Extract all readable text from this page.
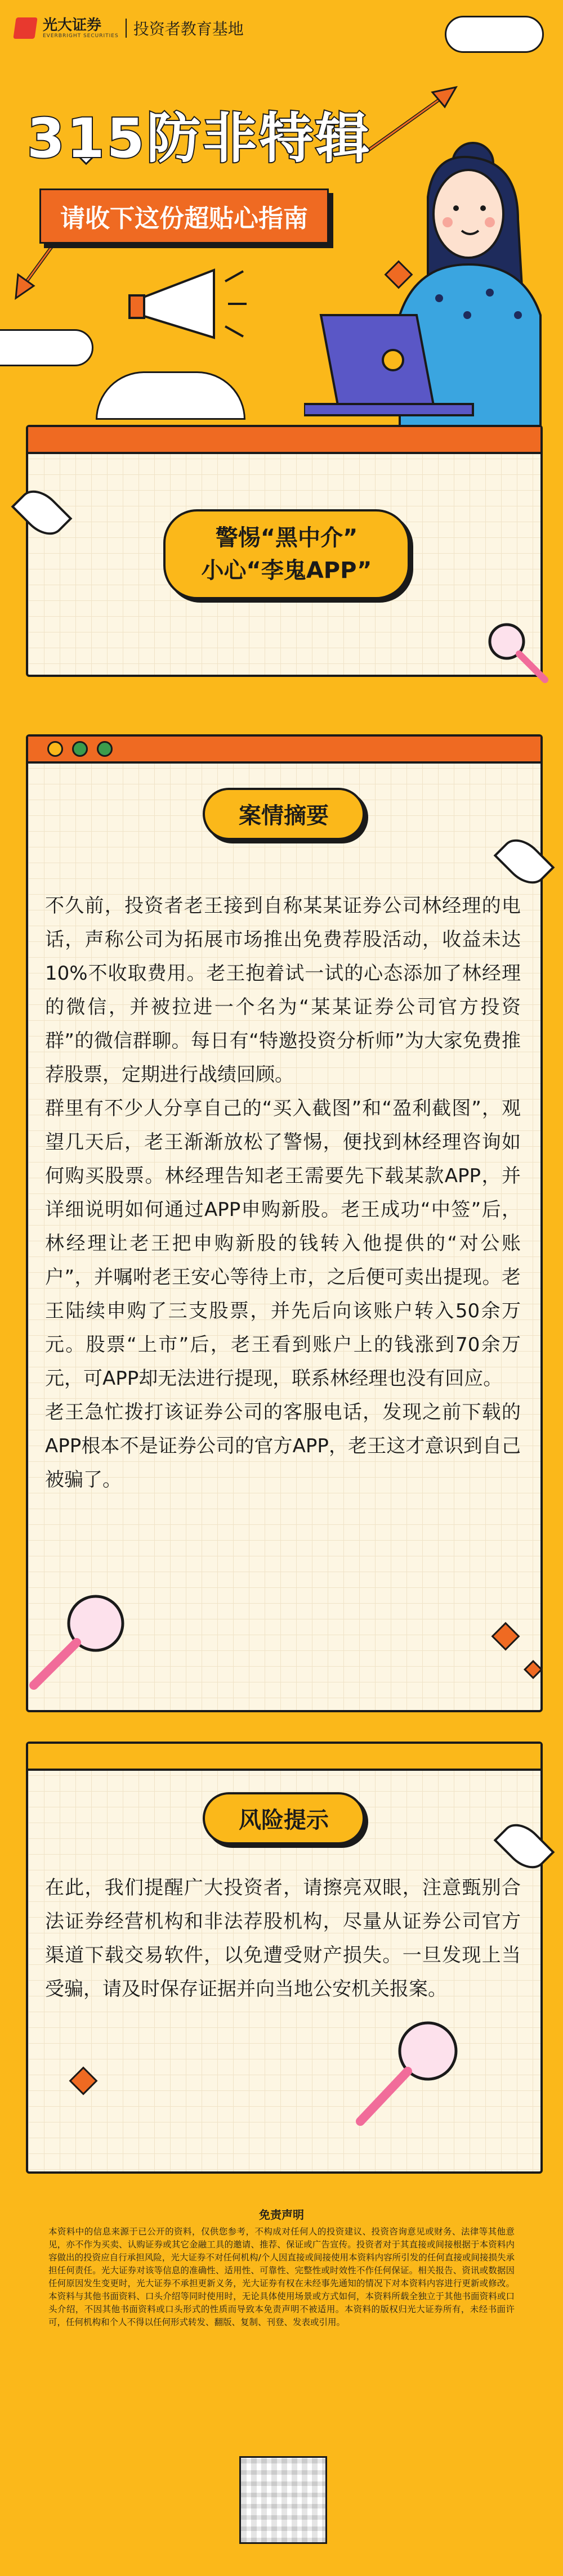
光大证券
EVERBRIGHT SECURITIES 投资者教育基地
315防非特辑
请收下这份超贴心指南
警惕“黑中介”
小心“李鬼APP”
案情摘要
不久前，投资者老王接到自称某某证券公司林经理的电话，声称公司为拓展市场推出免费荐股活动，收益未达10%不收取费用。老王抱着试一试的心态添加了林经理的微信，并被拉进一个名为“某某证券公司官方投资群”的微信群聊。每日有“特邀投资分析师”为大家免费推荐股票，定期进行战绩回顾。
群里有不少人分享自己的“买入截图”和“盈利截图”，观望几天后，老王渐渐放松了警惕，便找到林经理咨询如何购买股票。林经理告知老王需要先下载某款APP，并详细说明如何通过APP申购新股。老王成功“中签”后，林经理让老王把申购新股的钱转入他提供的“对公账户”，并嘱咐老王安心等待上市，之后便可卖出提现。老王陆续申购了三支股票，并先后向该账户转入50余万元。股票“上市”后，老王看到账户上的钱涨到70余万元，可APP却无法进行提现，联系林经理也没有回应。
老王急忙拨打该证券公司的客服电话，发现之前下载的APP根本不是证券公司的官方APP，老王这才意识到自己被骗了。
风险提示
在此，我们提醒广大投资者，请擦亮双眼，注意甄别合法证券经营机构和非法荐股机构，尽量从证券公司官方渠道下载交易软件，以免遭受财产损失。一旦发现上当受骗，请及时保存证据并向当地公安机关报案。
免责声明
本资料中的信息来源于已公开的资料，仅供您参考，不构成对任何人的投资建议、投资咨询意见或财务、法律等其他意见，亦不作为买卖、认购证券或其它金融工具的邀请、推荐、保证或广告宣传。投资者对于其直接或间接根据于本资料内容做出的投资应自行承担风险，光大证券不对任何机构/个人因直接或间接使用本资料内容所引发的任何直接或间接损失承担任何责任。光大证券对该等信息的准确性、适用性、可靠性、完整性或时效性不作任何保证。相关报告、资讯或数据因任何原因发生变更时，光大证券不承担更新义务，光大证券有权在未经事先通知的情况下对本资料内容进行更新或修改。本资料与其他书面资料、口头介绍等同时使用时，无论具体使用场景或方式如何，本资料所载全独立于其他书面资料或口头介绍，不因其他书面资料或口头形式的性质而导致本免责声明不被适用。本资料的版权归光大证券所有，未经书面许可，任何机构和个人不得以任何形式转发、翻版、复制、刊登、发表或引用。
